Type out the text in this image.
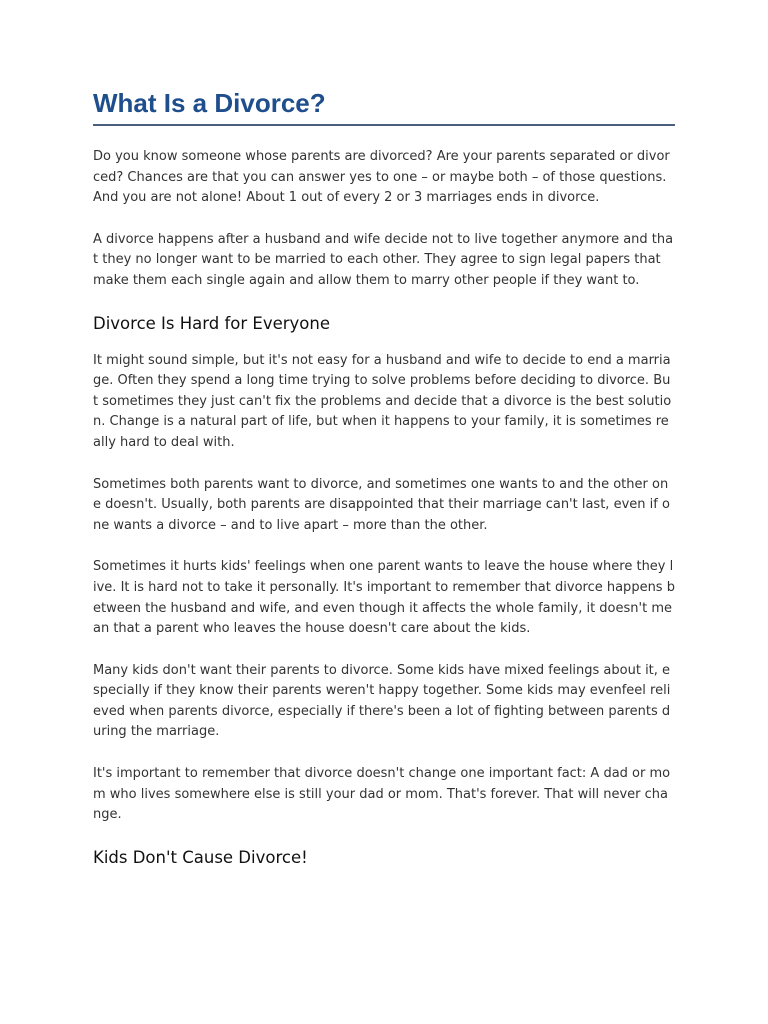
What Is a Divorce?

Do you know someone whose parents are divorced? Are your parents separated or divorced? Chances are that you can answer yes to one – or maybe both – of those questions. And you are not alone! About 1 out of every 2 or 3 marriages ends in divorce.

A divorce happens after a husband and wife decide not to live together anymore and that they no longer want to be married to each other. They agree to sign legal papers that make them each single again and allow them to marry other people if they want to.

Divorce Is Hard for Everyone

It might sound simple, but it's not easy for a husband and wife to decide to end a marriage. Often they spend a long time trying to solve problems before deciding to divorce. But sometimes they just can't fix the problems and decide that a divorce is the best solution. Change is a natural part of life, but when it happens to your family, it is sometimes really hard to deal with.

Sometimes both parents want to divorce, and sometimes one wants to and the other one doesn't. Usually, both parents are disappointed that their marriage can't last, even if one wants a divorce – and to live apart – more than the other.

Sometimes it hurts kids' feelings when one parent wants to leave the house where they live. It is hard not to take it personally. It's important to remember that divorce happens between the husband and wife, and even though it affects the whole family, it doesn't mean that a parent who leaves the house doesn't care about the kids.

Many kids don't want their parents to divorce. Some kids have mixed feelings about it, especially if they know their parents weren't happy together. Some kids may evenfeel relieved when parents divorce, especially if there's been a lot of fighting between parents during the marriage.

It's important to remember that divorce doesn't change one important fact: A dad or mom who lives somewhere else is still your dad or mom. That's forever. That will never change.

Kids Don't Cause Divorce!
